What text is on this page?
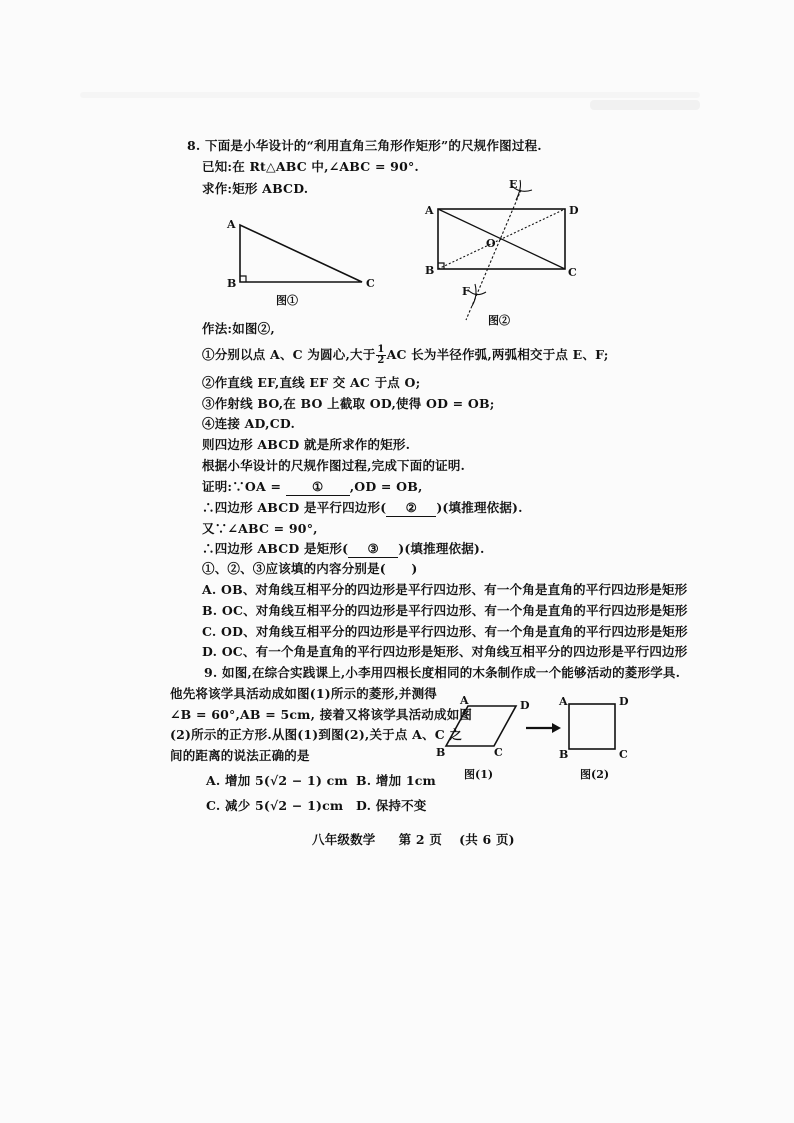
8. 下面是小华设计的“利用直角三角形作矩形”的尺规作图过程.
已知:在 Rt△ABC 中,∠ABC = 90°.
求作:矩形 ABCD.
A
B	C
图①
A
B	C
D
E
F
O
图②
作法:如图②,
①分别以点 A、C 为圆心,大于 $\frac{1}{2}$ AC 长为半径作弧,两弧相交于点 E、F;
②作直线 EF,直线 EF 交 AC 于点 O;
③作射线 BO,在 BO 上截取 OD,使得 OD = OB;
④连接 AD,CD.
则四边形 ABCD 就是所求作的矩形.
根据小华设计的尺规作图过程,完成下面的证明.
证明:∵OA = ① ,OD = OB,
∴四边形 ABCD 是平行四边形( ② )(填推理依据).
又∵∠ABC = 90°,
∴四边形 ABCD 是矩形( ③ )(填推理依据).
①、②、③应该填的内容分别是(　　)
A. OB、对角线互相平分的四边形是平行四边形、有一个角是直角的平行四边形是矩形
B. OC、对角线互相平分的四边形是平行四边形、有一个角是直角的平行四边形是矩形
C. OD、对角线互相平分的四边形是平行四边形、有一个角是直角的平行四边形是矩形
D. OC、有一个角是直角的平行四边形是矩形、对角线互相平分的四边形是平行四边形
9. 如图,在综合实践课上,小李用四根长度相同的木条制作成一个能够活动的菱形学具.
他先将该学具活动成如图(1)所示的菱形,并测得
∠B = 60°,AB = 5cm, 接着又将该学具活动成如图
(2)所示的正方形.从图(1)到图(2),关于点 A、C 之
间的距离的说法正确的是
A. 增加 5(√2 − 1) cm B. 增加 1cm
C. 减少 5(√2 − 1)cm D. 保持不变
A	D
B	C
A	D
B	C
图(1)	图(2)
八年级数学 第 2 页 (共 6 页)
